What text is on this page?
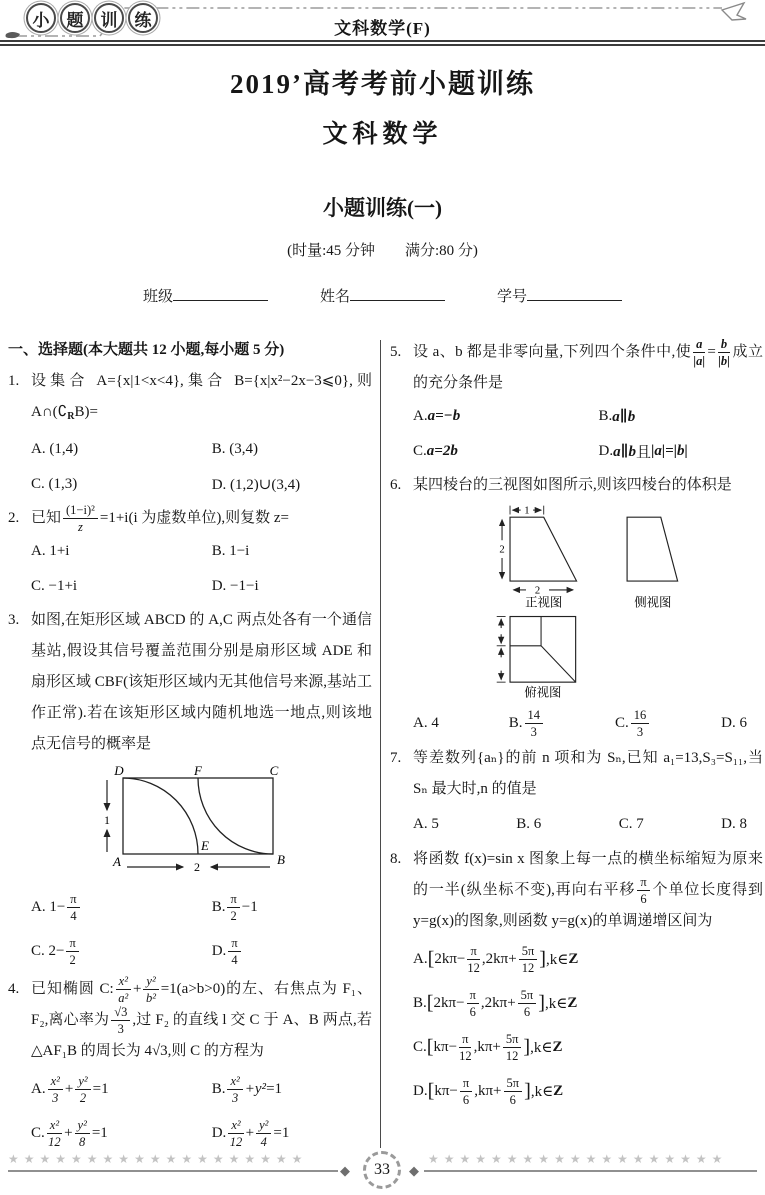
小	题	训	练	文科数学(F)
2019’高考考前小题训练
文科数学
小题训练(一)
(时量:45 分钟　　满分:80 分)
班级	姓名	学号
一、选择题(本大题共 12 小题,每小题 5 分)
1. 设集合 A={x|1<x<4},集合 B={x|x²−2x−3⩽0},则 $A\cap(∁_RB)=$
A. (1,4)	B. (3,4)
C. (1,3)	D. (1,2)∪(3,4)
2. 已知 $\frac{\text{(1−i)²}}{z} =1+i(i$ 为虚数单位),则复数 z=
A. 1+i	B. 1−i
C. −1+i	D. −1−i
3. 如图,在矩形区域 ABCD 的 A,C 两点处各有一个通信基站,假设其信号覆盖范围分别是扇形区域 ADE 和扇形区域 CBF(该矩形区域内无其他信号来源,基站工作正常).若在该矩形区域内随机地选一地点,则该地点无信号的概率是
1
2
D	F	C
A
E
B
A. $1- \frac{\pi}{4}$	B. $\frac{\pi}{2} -1$
C. $2- \frac{\pi}{2}$	D. $\frac{\pi}{4}$
4. 已知椭圆 C: $\frac{\text{x²}}{\text{a²}} + \frac{\text{y²}}{\text{b²}} =1(a>b>0)$的左、右焦点为 F₁、F₂,离心率为 $\frac{√3}{3}$ ,过 F₂ 的直线 l 交 C 于 A、B 两点,若△AF₁B 的周长为 4√3,则 C 的方程为
A. $\frac{\text{x²}}{3} + \frac{\text{y²}}{2} =1$	B. $\frac{\text{x²}}{3} +y^2 =1$
C. $\frac{\text{x²}}{12} + \frac{\text{y²}}{8} =1$	D. $\frac{\text{x²}}{12} + \frac{\text{y²}}{4} =1$
5. 设 a、b 都是非零向量,下列四个条件中,使 $\frac{a}{|a|} = \frac{b}{|b|}$ 成立的充分条件是
A. a=−b	B. a∥b
C. a=2b	D. a∥b 且 |a|=|b|
6. 某四棱台的三视图如图所示,则该四棱台的体积是
1
2
2
正视图	侧视图
俯视图
A. 4	B. $\frac{14}{3}$	C. $\frac{16}{3}$	D. 6
7. 等差数列{aₙ}的前 n 项和为 Sₙ,已知 a₁=13,S₃=S₁₁,当 Sₙ 最大时,n 的值是
A. 5	B. 6	C. 7	D. 8
8. 将函数 f(x)=sin x 图象上每一点的横坐标缩短为原来的一半(纵坐标不变),再向右平移 $\frac{\pi}{6}$ 个单位长度得到 y=g(x)的图象,则函数 y=g(x)的单调递增区间为
A. [ $2k\pi- \frac{\pi}{12} ,2k\pi+ \frac{5\pi}{12}$ ] ,k∈ Z
B. [ $2k\pi- \frac{\pi}{6} ,2k\pi+ \frac{5\pi}{6}$ ] ,k∈ Z
C. [ $k\pi- \frac{\pi}{12} ,k\pi+ \frac{5\pi}{12}$ ] ,k∈ Z
D. [ $k\pi- \frac{\pi}{6} ,k\pi+ \frac{5\pi}{6}$ ] ,k∈ Z
★★★★★★★★★★★★★★★★★★★
◆	33	◆
★★★★★★★★★★★★★★★★★★★
